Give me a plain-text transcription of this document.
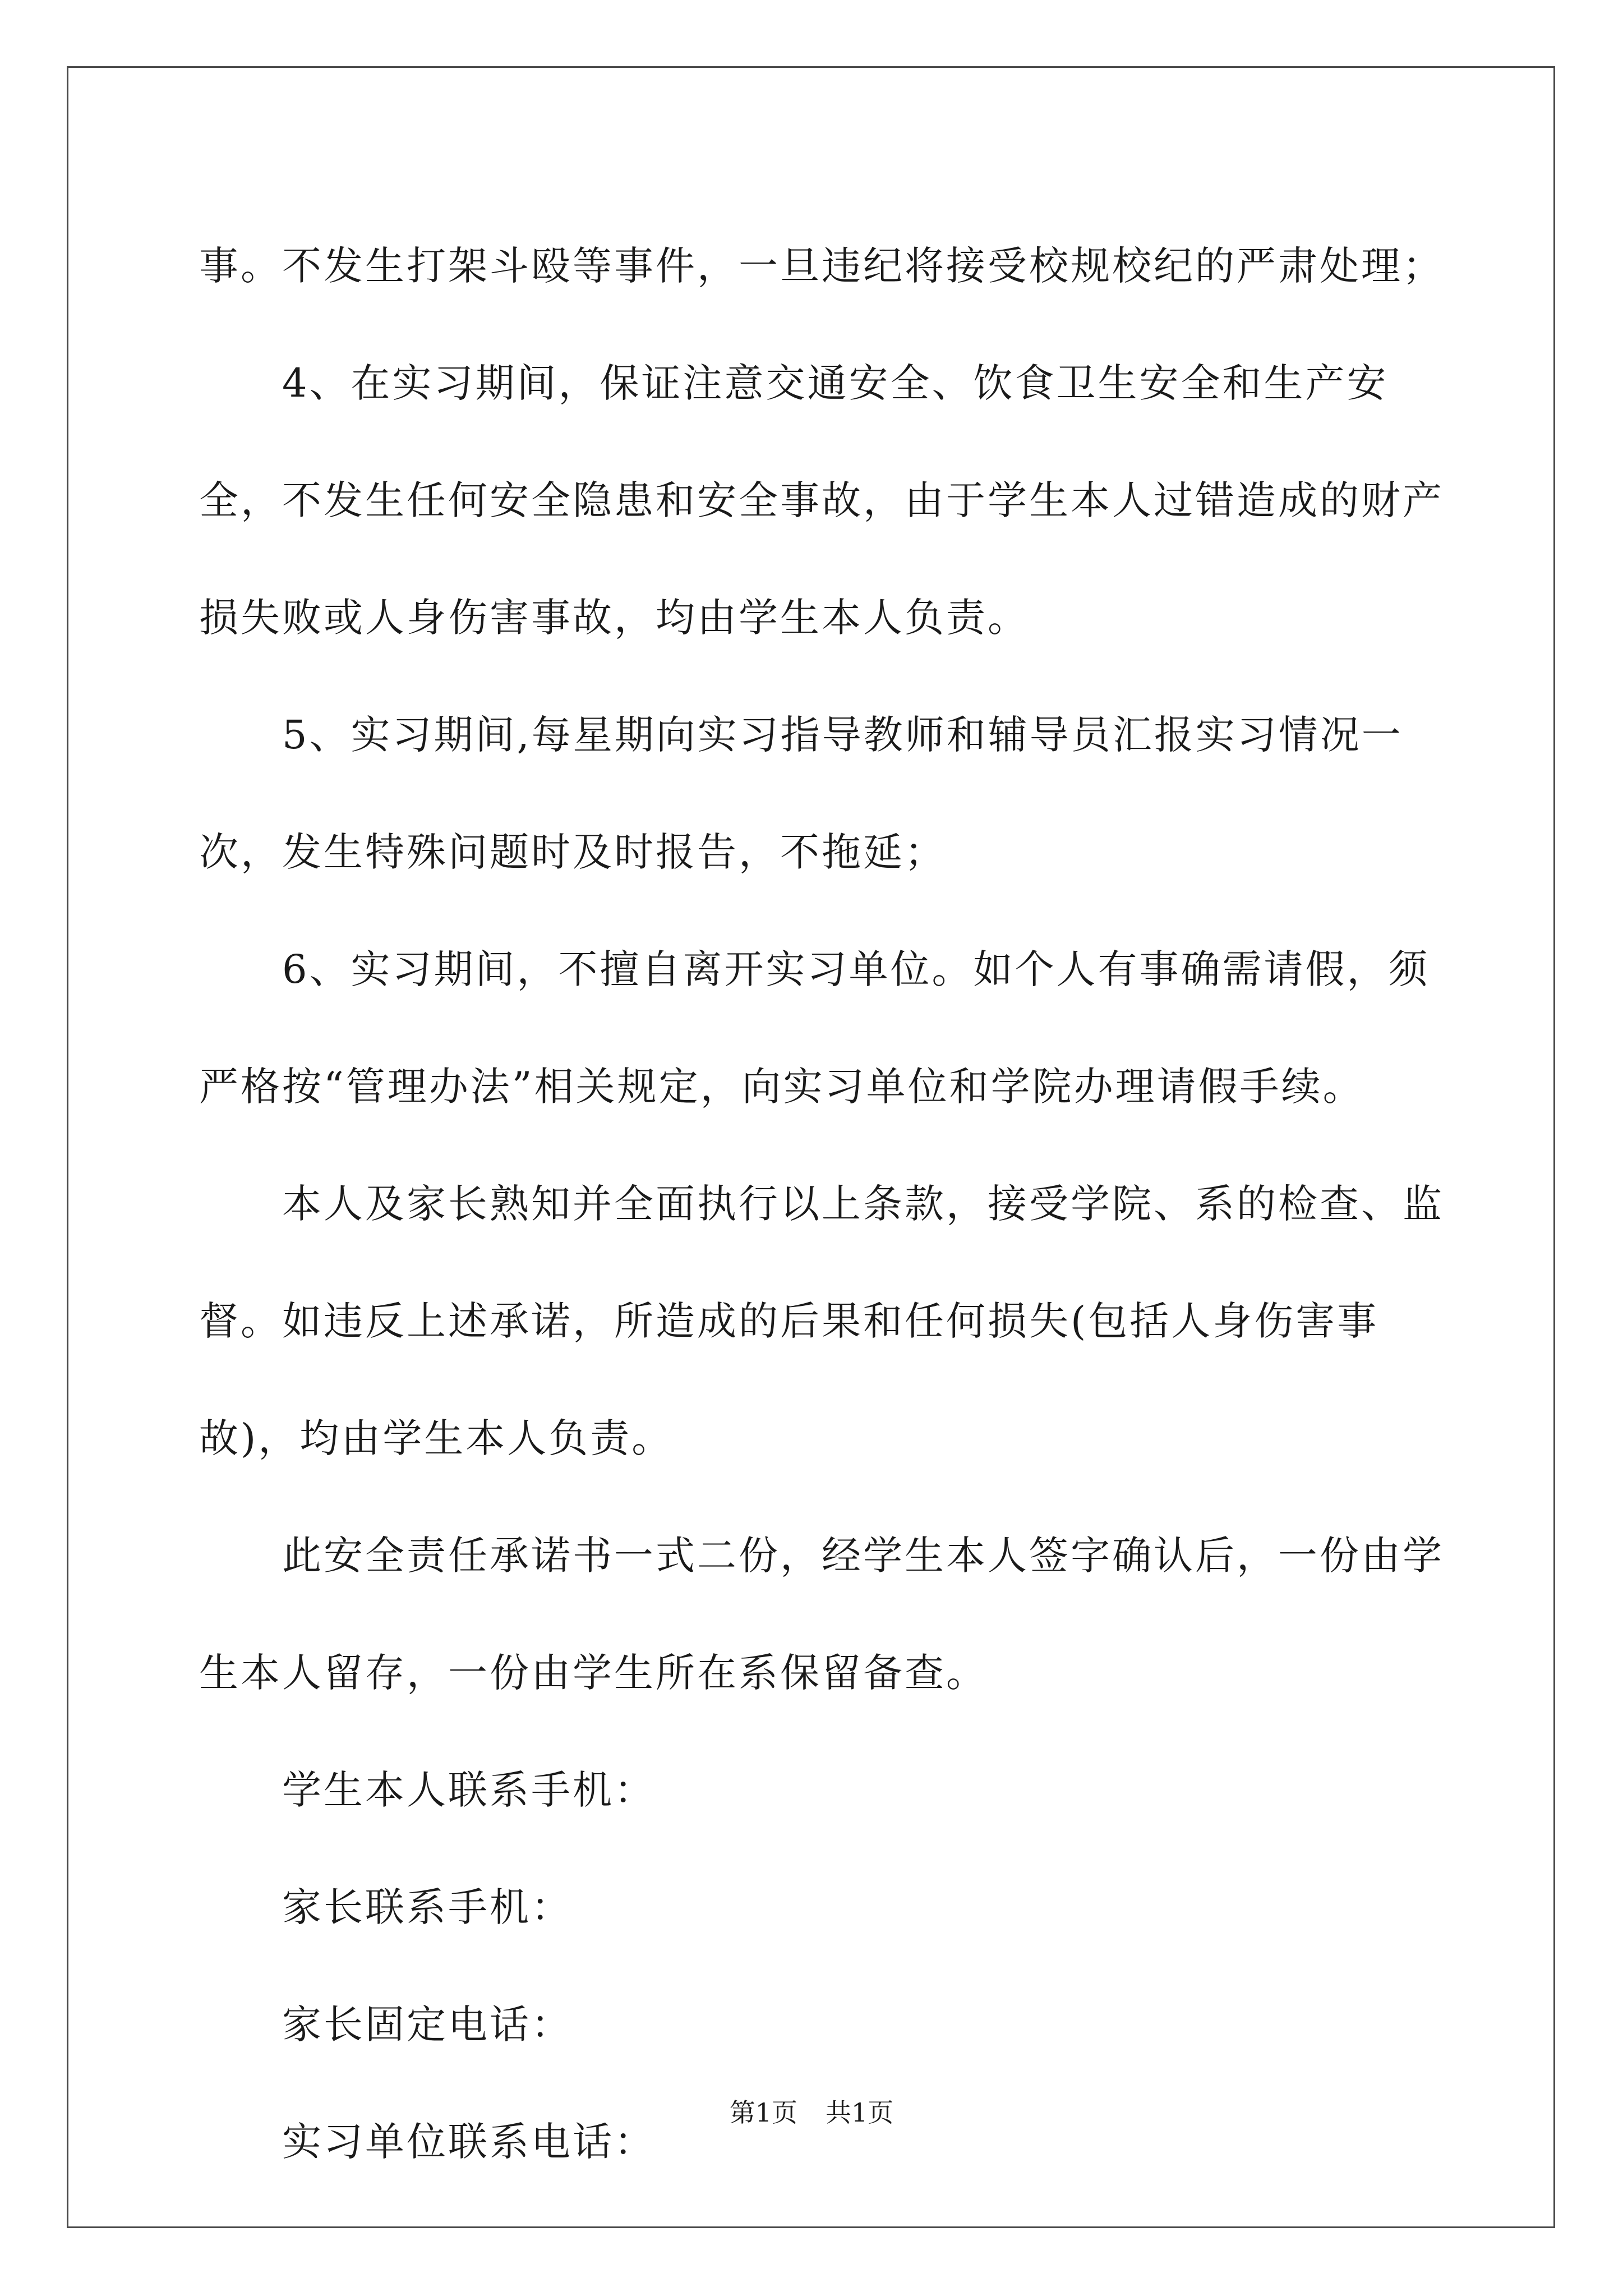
事。不发生打架斗殴等事件，一旦违纪将接受校规校纪的严肃处理；

4、在实习期间，保证注意交通安全、饮食卫生安全和生产安全，不发生任何安全隐患和安全事故，由于学生本人过错造成的财产损失败或人身伤害事故，均由学生本人负责。

5、实习期间,每星期向实习指导教师和辅导员汇报实习情况一次，发生特殊问题时及时报告，不拖延；

6、实习期间，不擅自离开实习单位。如个人有事确需请假，须严格按“管理办法”相关规定，向实习单位和学院办理请假手续。

本人及家长熟知并全面执行以上条款，接受学院、系的检查、监督。如违反上述承诺，所造成的后果和任何损失(包括人身伤害事故)，均由学生本人负责。

此安全责任承诺书一式二份，经学生本人签字确认后，一份由学生本人留存，一份由学生所在系保留备查。

学生本人联系手机：

家长联系手机：

家长固定电话：

实习单位联系电话：

第1页 共1页
